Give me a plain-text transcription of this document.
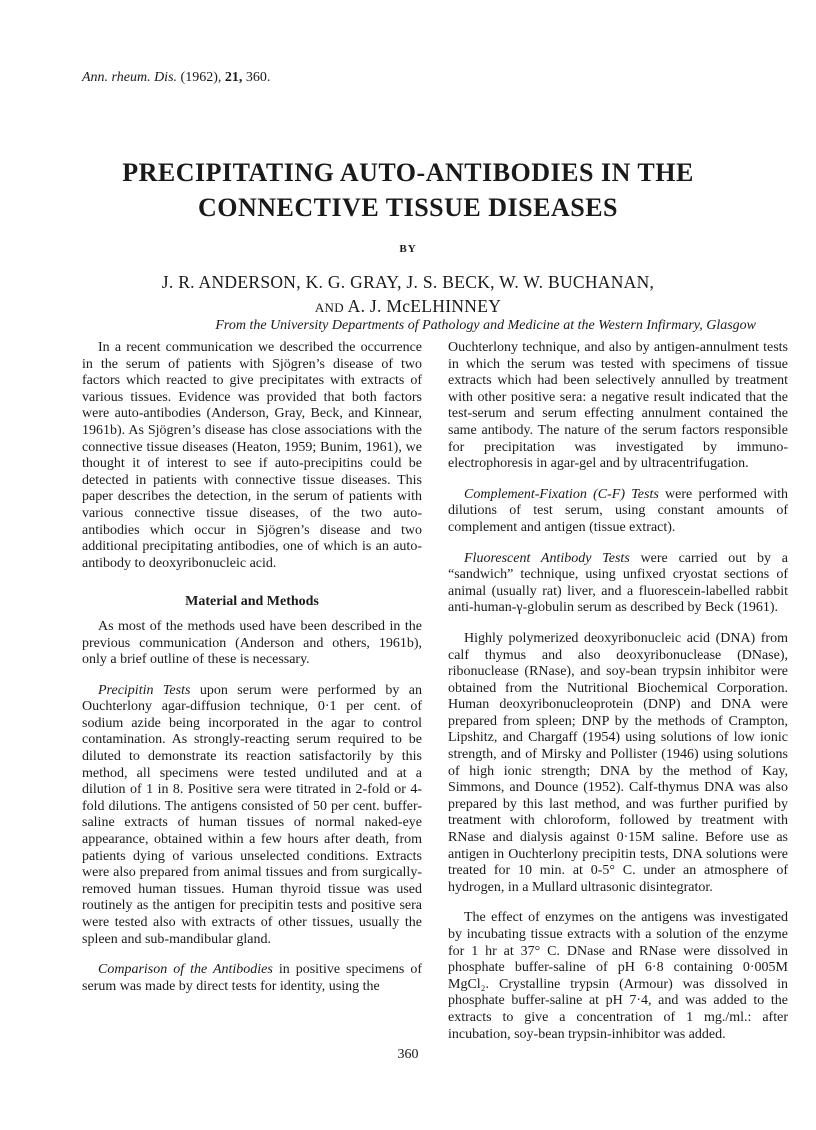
Ann. rheum. Dis. (1962), 21, 360.
PRECIPITATING AUTO-ANTIBODIES IN THE
CONNECTIVE TISSUE DISEASES
BY
J. R. ANDERSON, K. G. GRAY, J. S. BECK, W. W. BUCHANAN,
AND A. J. McELHINNEY
From the University Departments of Pathology and Medicine at the Western Infirmary, Glasgow

In a recent communication we described the occurrence in the serum of patients with Sjögren’s disease of two factors which reacted to give precipitates with extracts of various tissues. Evidence was provided that both factors were auto-antibodies (Anderson, Gray, Beck, and Kinnear, 1961b). As Sjögren’s disease has close associations with the connective tissue diseases (Heaton, 1959; Bunim, 1961), we thought it of interest to see if auto-precipitins could be detected in patients with connective tissue diseases. This paper describes the detection, in the serum of patients with various connective tissue diseases, of the two auto-antibodies which occur in Sjögren’s disease and two additional precipitating antibodies, one of which is an auto-antibody to deoxyribonucleic acid.

Material and Methods

As most of the methods used have been described in the previous communication (Anderson and others, 1961b), only a brief outline of these is necessary.

Precipitin Tests upon serum were performed by an Ouchterlony agar-diffusion technique, 0·1 per cent. of sodium azide being incorporated in the agar to control contamination. As strongly-reacting serum required to be diluted to demonstrate its reaction satisfactorily by this method, all specimens were tested undiluted and at a dilution of 1 in 8. Positive sera were titrated in 2-fold or 4-fold dilutions. The antigens consisted of 50 per cent. buffer-saline extracts of human tissues of normal naked-eye appearance, obtained within a few hours after death, from patients dying of various unselected conditions. Extracts were also prepared from animal tissues and from surgically-removed human tissues. Human thyroid tissue was used routinely as the antigen for precipitin tests and positive sera were tested also with extracts of other tissues, usually the spleen and sub-mandibular gland.

Comparison of the Antibodies in positive specimens of serum was made by direct tests for identity, using the

Ouchterlony technique, and also by antigen-annulment tests in which the serum was tested with specimens of tissue extracts which had been selectively annulled by treatment with other positive sera: a negative result indicated that the test-serum and serum effecting annulment contained the same antibody. The nature of the serum factors responsible for precipitation was investigated by immuno-electrophoresis in agar-gel and by ultracentrifugation.

Complement-Fixation (C-F) Tests were performed with dilutions of test serum, using constant amounts of complement and antigen (tissue extract).

Fluorescent Antibody Tests were carried out by a “sandwich” technique, using unfixed cryostat sections of animal (usually rat) liver, and a fluorescein-labelled rabbit anti-human-γ-globulin serum as described by Beck (1961).

Highly polymerized deoxyribonucleic acid (DNA) from calf thymus and also deoxyribonuclease (DNase), ribonuclease (RNase), and soy-bean trypsin inhibitor were obtained from the Nutritional Biochemical Corporation. Human deoxyribonucleoprotein (DNP) and DNA were prepared from spleen; DNP by the methods of Crampton, Lipshitz, and Chargaff (1954) using solutions of low ionic strength, and of Mirsky and Pollister (1946) using solutions of high ionic strength; DNA by the method of Kay, Simmons, and Dounce (1952). Calf-thymus DNA was also prepared by this last method, and was further purified by treatment with chloroform, followed by treatment with RNase and dialysis against 0·15M saline. Before use as antigen in Ouchterlony precipitin tests, DNA solutions were treated for 10 min. at 0-5° C. under an atmosphere of hydrogen, in a Mullard ultrasonic disintegrator.

The effect of enzymes on the antigens was investigated by incubating tissue extracts with a solution of the enzyme for 1 hr at 37° C. DNase and RNase were dissolved in phosphate buffer-saline of pH 6·8 containing 0·005M MgCl₂. Crystalline trypsin (Armour) was dissolved in phosphate buffer-saline at pH 7·4, and was added to the extracts to give a concentration of 1 mg./ml.: after incubation, soy-bean trypsin-inhibitor was added.

360
